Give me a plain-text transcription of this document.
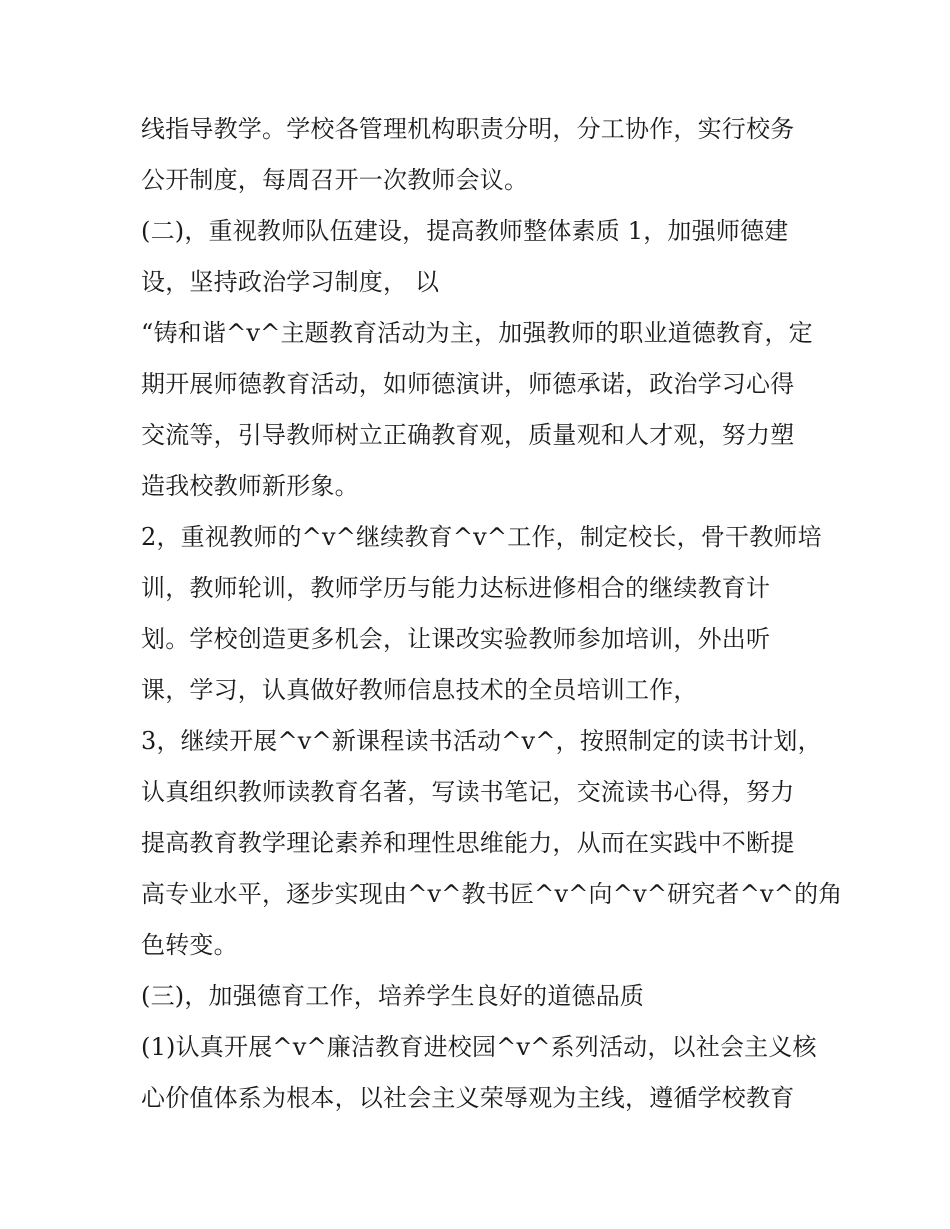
线指导教学。学校各管理机构职责分明，分工协作，实行校务
公开制度，每周召开一次教师会议。
(二)，重视教师队伍建设，提高教师整体素质 1，加强师德建
设，坚持政治学习制度， 以
“铸和谐^v^主题教育活动为主，加强教师的职业道德教育，定
期开展师德教育活动，如师德演讲，师德承诺，政治学习心得
交流等，引导教师树立正确教育观，质量观和人才观，努力塑
造我校教师新形象。
2，重视教师的^v^继续教育^v^工作，制定校长，骨干教师培
训，教师轮训，教师学历与能力达标进修相合的继续教育计
划。学校创造更多机会，让课改实验教师参加培训，外出听
课，学习，认真做好教师信息技术的全员培训工作，
3，继续开展^v^新课程读书活动^v^，按照制定的读书计划，
认真组织教师读教育名著，写读书笔记，交流读书心得，努力
提高教育教学理论素养和理性思维能力，从而在实践中不断提
高专业水平，逐步实现由^v^教书匠^v^向^v^研究者^v^的角
色转变。
(三)，加强德育工作，培养学生良好的道德品质
(1)认真开展^v^廉洁教育进校园^v^系列活动，以社会主义核
心价值体系为根本，以社会主义荣辱观为主线，遵循学校教育
